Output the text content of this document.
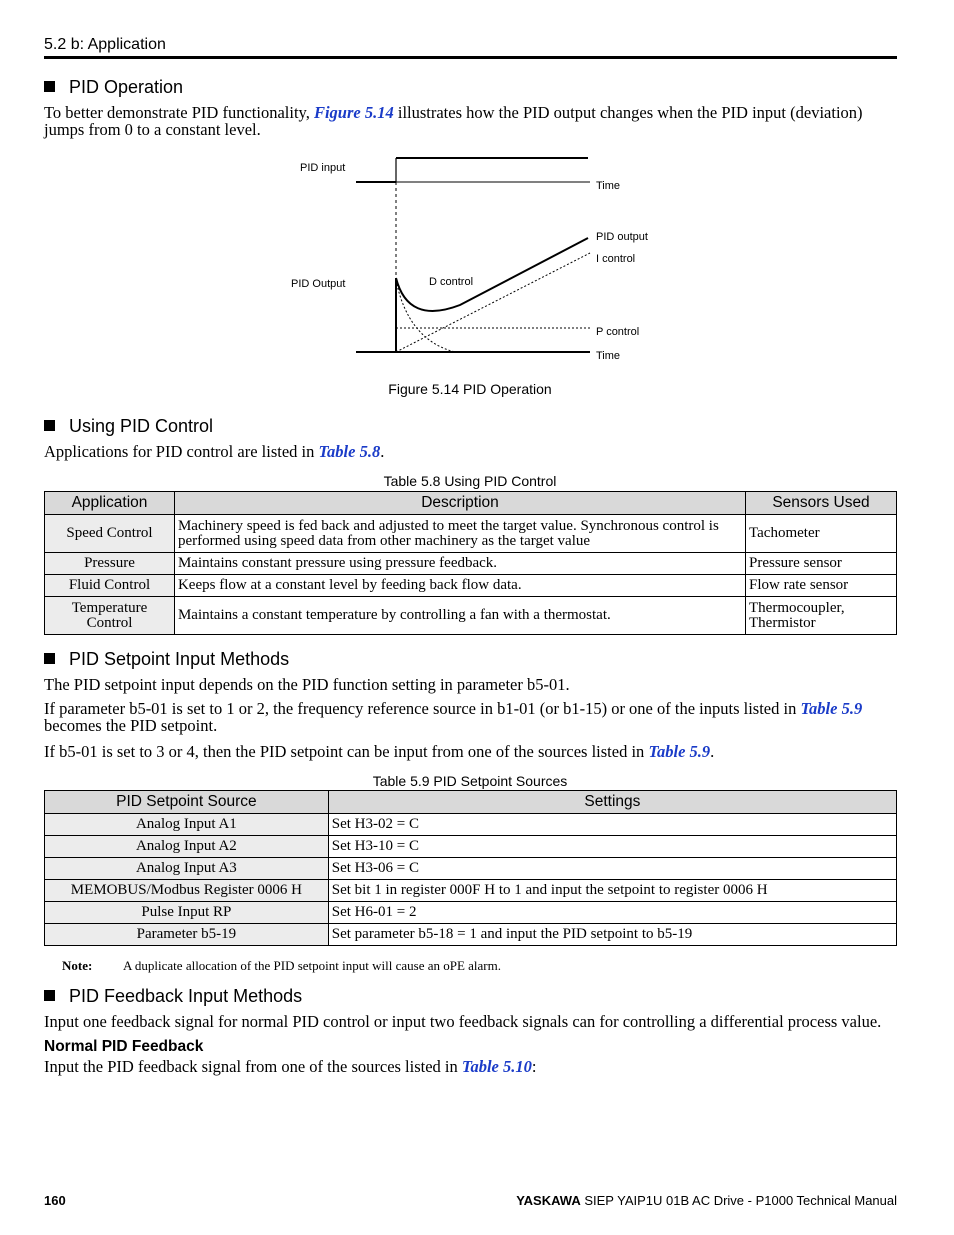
5.2 b: Application
PID Operation
To better demonstrate PID functionality, Figure 5.14 illustrates how the PID output changes when the PID input (deviation) jumps from 0 to a constant level.
PID input
Time
PID output
I control
PID Output	D control
P control
Time
Figure 5.14 PID Operation
Using PID Control
Applications for PID control are listed in Table 5.8.
Table 5.8 Using PID Control
Application	Description	Sensors Used
Speed Control	Machinery speed is fed back and adjusted to meet the target value. Synchronous control is performed using speed data from other machinery as the target value	Tachometer
Pressure	Maintains constant pressure using pressure feedback.	Pressure sensor
Fluid Control	Keeps flow at a constant level by feeding back flow data.	Flow rate sensor
Temperature Control	Maintains a constant temperature by controlling a fan with a thermostat.	Thermocoupler, Thermistor
PID Setpoint Input Methods
The PID setpoint input depends on the PID function setting in parameter b5-01.
If parameter b5-01 is set to 1 or 2, the frequency reference source in b1-01 (or b1-15) or one of the inputs listed in Table 5.9 becomes the PID setpoint.
If b5-01 is set to 3 or 4, then the PID setpoint can be input from one of the sources listed in Table 5.9.
Table 5.9 PID Setpoint Sources
PID Setpoint Source	Settings
Analog Input A1	Set H3-02 = C
Analog Input A2	Set H3-10 = C
Analog Input A3	Set H3-06 = C
MEMOBUS/Modbus Register 0006 H	Set bit 1 in register 000F H to 1 and input the setpoint to register 0006 H
Pulse Input RP	Set H6-01 = 2
Parameter b5-19	Set parameter b5-18 = 1 and input the PID setpoint to b5-19
Note: A duplicate allocation of the PID setpoint input will cause an oPE alarm.
PID Feedback Input Methods
Input one feedback signal for normal PID control or input two feedback signals can for controlling a differential process value.
Normal PID Feedback
Input the PID feedback signal from one of the sources listed in Table 5.10:
160	YASKAWA SIEP YAIP1U 01B AC Drive - P1000 Technical Manual
